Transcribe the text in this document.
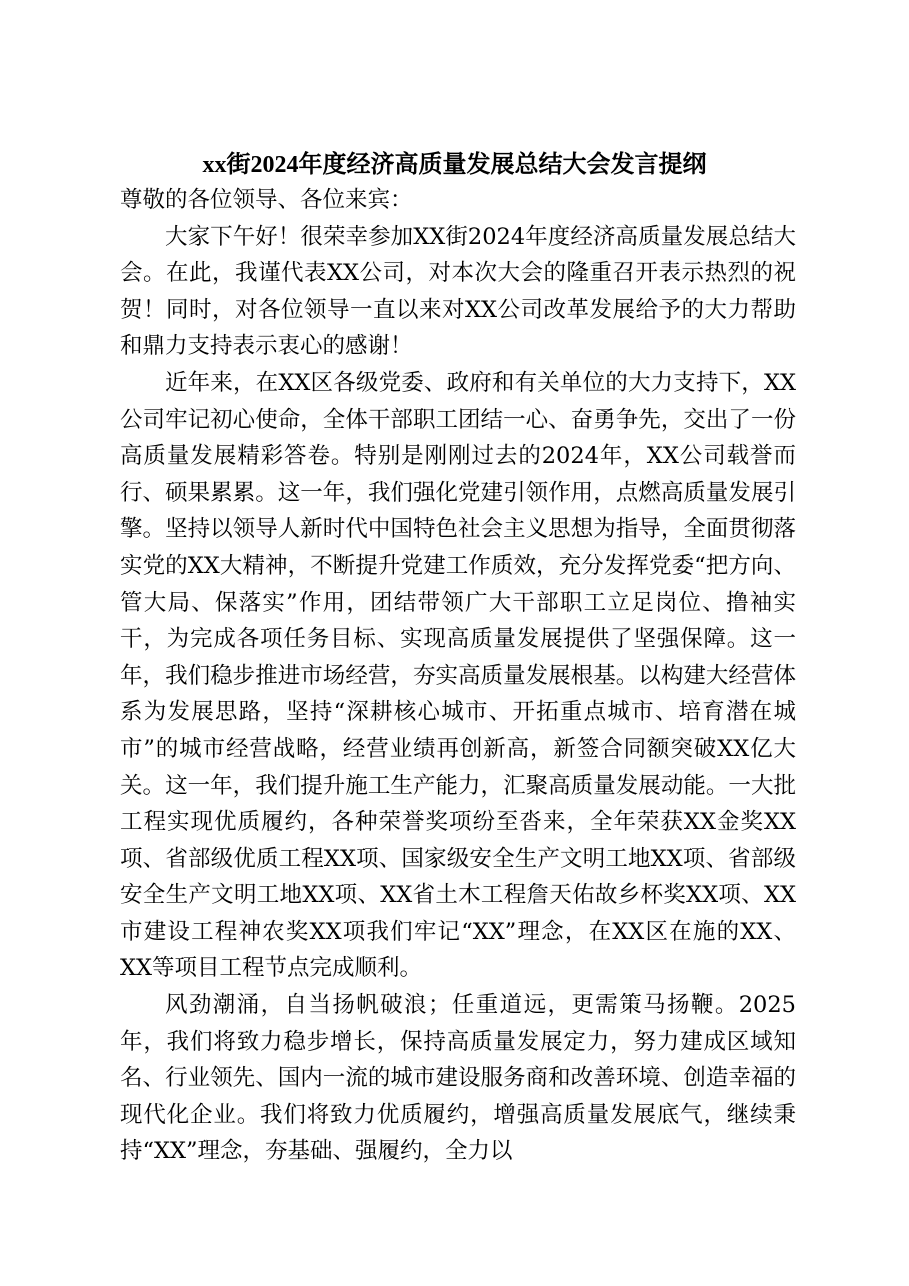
xx街2024年度经济高质量发展总结大会发言提纲

尊敬的各位领导、各位来宾：

大家下午好！很荣幸参加XX街2024年度经济高质量发展总结大会。在此，我谨代表XX公司，对本次大会的隆重召开表示热烈的祝贺！同时，对各位领导一直以来对XX公司改革发展给予的大力帮助和鼎力支持表示衷心的感谢！

近年来，在XX区各级党委、政府和有关单位的大力支持下，XX公司牢记初心使命，全体干部职工团结一心、奋勇争先，交出了一份高质量发展精彩答卷。特别是刚刚过去的2024年，XX公司载誉而行、硕果累累。这一年，我们强化党建引领作用，点燃高质量发展引擎。坚持以领导人新时代中国特色社会主义思想为指导，全面贯彻落实党的XX大精神，不断提升党建工作质效，充分发挥党委“把方向、管大局、保落实”作用，团结带领广大干部职工立足岗位、撸袖实干，为完成各项任务目标、实现高质量发展提供了坚强保障。这一年，我们稳步推进市场经营，夯实高质量发展根基。以构建大经营体系为发展思路，坚持“深耕核心城市、开拓重点城市、培育潜在城市”的城市经营战略，经营业绩再创新高，新签合同额突破XX亿大关。这一年，我们提升施工生产能力，汇聚高质量发展动能。一大批工程实现优质履约，各种荣誉奖项纷至沓来，全年荣获XX金奖XX项、省部级优质工程XX项、国家级安全生产文明工地XX项、省部级安全生产文明工地XX项、XX省土木工程詹天佑故乡杯奖XX项、XX市建设工程神农奖XX项我们牢记“XX”理念，在XX区在施的XX、XX等项目工程节点完成顺利。

风劲潮涌，自当扬帆破浪；任重道远，更需策马扬鞭。2025年，我们将致力稳步增长，保持高质量发展定力，努力建成区域知名、行业领先、国内一流的城市建设服务商和改善环境、创造幸福的现代化企业。我们将致力优质履约，增强高质量发展底气，继续秉持“XX”理念，夯基础、强履约，全力以
